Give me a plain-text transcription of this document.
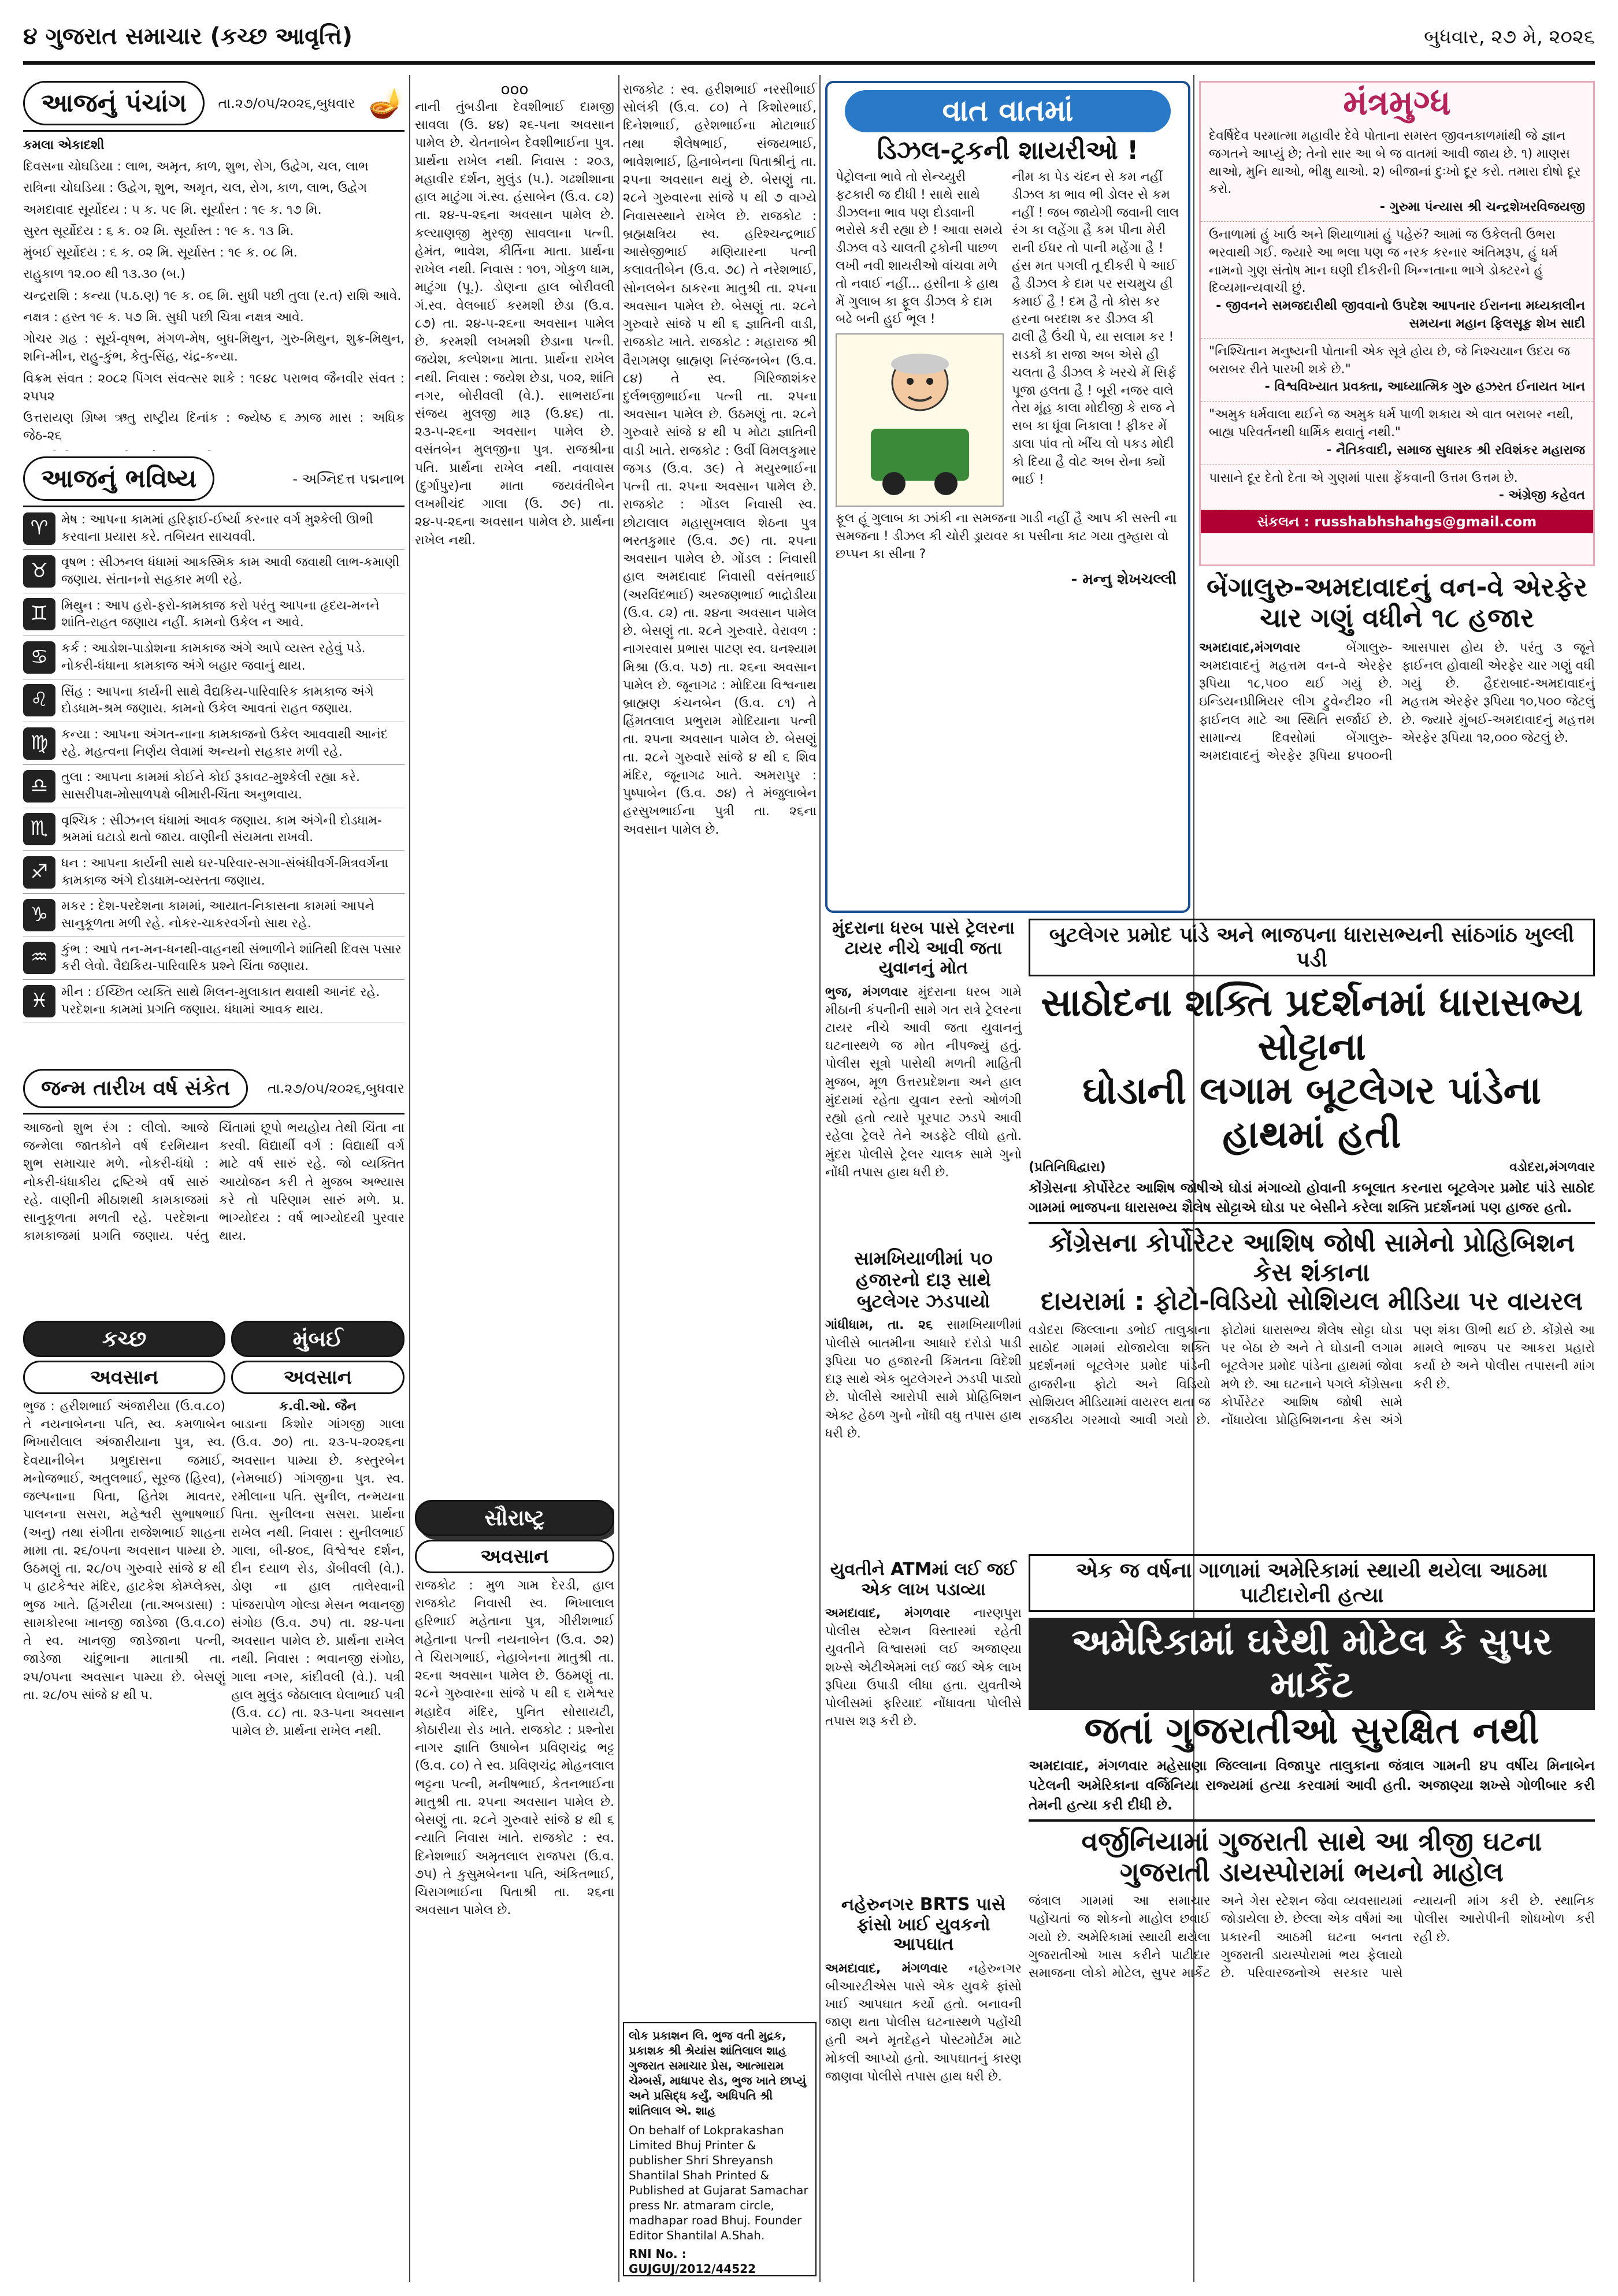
૪ ગુજરાત સમાચાર (કચ્છ આવૃત્તિ)	બુધવાર, ૨૭ મે, ૨૦૨૬
આજનું પંચાંગ	તા.૨૭/૦૫/૨૦૨૬,બુધવાર 🪔

કમલા એકાદશી

દિવસના ચોઘડિયા : લાભ, અમૃત, કાળ, શુભ, રોગ, ઉદ્વેગ, ચલ, લાભ

રાત્રિના ચોઘડિયા : ઉદ્વેગ, શુભ, અમૃત, ચલ, રોગ, કાળ, લાભ, ઉદ્વેગ

અમદાવાદ સૂર્યોદય : ૫ ક. ૫૯ મિ. સૂર્યાસ્ત : ૧૯ ક. ૧૭ મિ.

સુરત સૂર્યોદય : ૬ ક. ૦૨ મિ. સૂર્યાસ્ત : ૧૯ ક. ૧૩ મિ.

મુંબઈ સૂર્યોદય : ૬ ક. ૦૨ મિ. સૂર્યાસ્ત : ૧૯ ક. ૦૮ મિ.

રાહુકાળ ૧૨.૦૦ થી ૧૩.૩૦ (બ.)

ચન્દ્રરાશિ : કન્યા (પ.ઠ.ણ) ૧૯ ક. ૦૬ મિ. સુધી પછી તુલા (ર.ત) રાશિ આવે.

નક્ષત્ર : હસ્ત ૧૯ ક. ૫૭ મિ. સુધી પછી ચિત્રા નક્ષત્ર આવે.

ગોચર ગ્રહ : સૂર્ય-વૃષભ, મંગળ-મેષ, બુધ-મિથુન, ગુરુ-મિથુન, શુક્ર-મિથુન, શનિ-મીન, રાહુ-કુંભ, કેતુ-સિંહ, ચંદ્ર-કન્યા.

વિક્રમ સંવત : ૨૦૮૨ પિંગલ સંવત્સર શાકે : ૧૯૪૮ પરાભવ જૈનવીર સંવત : ૨૫૫૨

ઉત્તરાયણ ગ્રિષ્મ ઋતુ રાષ્ટ્રીય દિનાંક : જ્યેષ્ઠ ૬ ઝ્રાજ માસ : અધિક જેઠ-૨૬

આજનું ભવિષ્ય	- અગ્નિદત્ત પદ્મનાભ
♈	મેષ : આપના કામમાં હરિફાઈ-ઈર્ષ્યા કરનાર વર્ગ મુશ્કેલી ઊભી કરવાના પ્રયાસ કરે. તબિયત સાચવવી.
♉	વૃષભ : સીઝનલ ધંધામાં આકસ્મિક કામ આવી જવાથી લાભ-કમાણી જણાય. સંતાનનો સહકાર મળી રહે.
♊	મિથુન : આપ હરો-ફરો-કામકાજ કરો પરંતુ આપના હૃદય-મનને શાંતિ-રાહત જણાય નહીં. કામનો ઉકેલ ન આવે.
♋	કર્ક : આડોશ-પાડોશના કામકાજ અંગે આપે વ્યસ્ત રહેવું પડે. નોકરી-ધંધાના કામકાજ અંગે બહાર જવાનું થાય.
♌	સિંહ : આપના કાર્યની સાથે વૈદ્યકિય-પારિવારિક કામકાજ અંગે દોડધામ-શ્રમ જણાય. કામનો ઉકેલ આવતાં રાહત જણાય.
♍	કન્યા : આપના અંગત-નાના કામકાજનો ઉકેલ આવવાથી આનંદ રહે. મહત્વના નિર્ણય લેવામાં અન્યનો સહકાર મળી રહે.
♎	તુલા : આપના કામમાં કોઈને કોઈ રૂકાવટ-મુશ્કેલી રહ્યા કરે. સાસરીપક્ષ-મોસાળપક્ષે બીમારી-ચિંતા અનુભવાય.
♏	વૃશ્ચિક : સીઝનલ ધંધામાં આવક જણાય. કામ અંગેની દોડધામ-શ્રમમાં ઘટાડો થતો જાય. વાણીની સંયમતા રાખવી.
♐	ધન : આપના કાર્યની સાથે ઘર-પરિવાર-સગા-સંબંધીવર્ગ-મિત્રવર્ગના કામકાજ અંગે દોડધામ-વ્યસ્તતા જણાય.
♑	મકર : દેશ-પરદેશના કામમાં, આયાત-નિકાસના કામમાં આપને સાનુકૂળતા મળી રહે. નોકર-ચાકરવર્ગનો સાથ રહે.
♒	કુંભ : આપે તન-મન-ધનથી-વાહનથી સંભાળીને શાંતિથી દિવસ પસાર કરી લેવો. વૈદ્યકિય-પારિવારિક પ્રશ્ને ચિંતા જણાય.
♓	મીન : ઈચ્છિત વ્યક્તિ સાથે મિલન-મુલાકાત થવાથી આનંદ રહે. પરદેશના કામમાં પ્રગતિ જણાય. ધંધામાં આવક થાય.
જન્મ તારીખ વર્ષ સંકેત	તા.૨૭/૦૫/૨૦૨૬,બુધવાર
આજનો શુભ રંગ : લીલો. આજે જન્મેલા જાતકોને વર્ષ દરમિયાન શુભ સમાચાર મળે. નોકરી-ધંધો : નોકરી-ધંધાકીય દ્રષ્ટિએ વર્ષ સારું રહે. વાણીની મીઠાશથી કામકાજમાં સાનુકૂળતા મળતી રહે. પરદેશના કામકાજમાં પ્રગતિ જણાય. પરંતુ ચિંતામાં છૂપો ભયહોય તેથી ચિંતા ના કરવી. વિદ્યાર્થી વર્ગ : વિદ્યાર્થી વર્ગ માટે વર્ષ સારું રહે. જો વ્યક્તિત આયોજન કરી તે મુજબ અભ્યાસ કરે તો પરિણામ સારું મળે. પ્ર. ભાગ્યોદય : વર્ષ ભાગ્યોદયી પુરવાર થાય.
કચ્છ
અવસાન
ભુજ : હરીશભાઈ અંજારીયા (ઉ.વ.૮૦) તે નયનાબેનના પતિ, સ્વ. કમળાબેન ભિખારીલાલ અંજારીયાના પુત્ર, સ્વ. દેવયાનીબેન પ્રભુદાસના જમાઈ, મનોજભાઈ, અતુલભાઈ, સૂરજ (હિરવ), જલ્પનાના પિતા, હિતેશ માવતર, પાલનના સસરા, મહેશ્વરી સુભાષભાઈ (અનુ) તથા સંગીતા રાજેશભાઈ શાહના મામા તા. ૨૬/૦૫ના અવસાન પામ્યા છે. ઉઠમણું તા. ૨૮/૦૫ ગુરુવારે સાંજે ૪ થી ૫ હાટકેશ્વર મંદિર, હાટકેશ કોમ્પ્લેક્સ, ભુજ ખાતે. હિંગરીયા (તા.અબડાસા) : સામકોરબા ખાનજી જાડેજા (ઉ.વ.૮૦) તે સ્વ. ખાનજી જાડેજાના પત્ની, જાડેજા ચાંદુભાના માતાશ્રી તા. ૨૫/૦૫ના અવસાન પામ્યા છે. બેસણું તા. ૨૮/૦૫ સાંજે ૪ થી ૫.
મુંબઈ
અવસાન
ક.વી.ઓ. જૈન
બાડાના કિશોર ગાંગજી ગાલા (ઉ.વ. ૭૦) તા. ૨૩-૫-૨૦૨૬ના અવસાન પામ્યા છે. કસ્તુરબેન (નેમબાઈ) ગાંગજીના પુત્ર. સ્વ. રમીલાના પતિ. સુનીલ, તન્મયના પિતા. સુનીલના સસરા. પ્રાર્થના રાખેલ નથી. નિવાસ : સુનીલભાઈ ગાલા, બી-૪૦૬, વિશ્વેશ્વર દર્શન, દીન દયાળ રોડ, ડોંબીવલી (વે.). ડોણ ના હાલ તાલેરવાની પાંજરાપોળ ગોલ્ડા મેસન ભવાનજી સંગોઇ (ઉ.વ. ૭૫) તા. ૨૪-૫ના અવસાન પામેલ છે. પ્રાર્થના રાખેલ નથી. નિવાસ : ભવાનજી સંગોઇ, ગાલા નગર, કાંદીવલી (વે.). પત્રી હાલ મુલુંડ જેઠાલાલ ઘેલાભાઈ પત્રી (ઉ.વ. ૮૮) તા. ૨૩-૫ના અવસાન પામેલ છે. પ્રાર્થના રાખેલ નથી.
ooo
નાની તુંબડીના દેવશીભાઈ દામજી સાવલા (ઉ. ૪૪) ૨૬-૫ના અવસાન પામેલ છે. ચેતનાબેન દેવશીભાઈના પુત્ર. પ્રાર્થના રાખેલ નથી. નિવાસ : ૨૦૩, મહાવીર દર્શન, મુલુંડ (પ.). ગઢશીશાના હાલ માટુંગા ગં.સ્વ. હંસાબેન (ઉ.વ. ૮૨) તા. ૨૪-૫-૨૬ના અવસાન પામેલ છે. કલ્યાણજી મુરજી સાવલાના પત્ની. હેમંત, ભાવેશ, કીર્તિના માતા. પ્રાર્થના રાખેલ નથી. નિવાસ : ૧૦૧, ગોકુળ ધામ, માટુંગા (પૂ.). ડોણના હાલ બોરીવલી ગં.સ્વ. વેલબાઈ કરમશી છેડા (ઉ.વ. ૮૭) તા. ૨૪-૫-૨૬ના અવસાન પામેલ છે. કરમશી લખમશી છેડાના પત્ની. જયેશ, કલ્પેશના માતા. પ્રાર્થના રાખેલ નથી. નિવાસ : જયેશ છેડા, ૫૦૨, શાંતિ નગર, બોરીવલી (વે.). સાભરાઈના સંજય મુલજી મારૂ (ઉ.૪૬) તા. ૨૩-૫-૨૬ના અવસાન પામેલ છે. વસંતબેન મુલજીના પુત્ર. રાજશ્રીના પતિ. પ્રાર્થના રાખેલ નથી. નવાવાસ (દુર્ગાપુર)ના માતા જયવંતીબેન લખમીચંદ ગાલા (ઉ. ૭૯) તા. ૨૪-૫-૨૬ના અવસાન પામેલ છે. પ્રાર્થના રાખેલ નથી.
સૌરાષ્ટ્ર
અવસાન
રાજકોટ : મુળ ગામ દેરડી, હાલ રાજકોટ નિવાસી સ્વ. ભિખાલાલ હરિભાઈ મહેતાના પુત્ર, ગીરીશભાઈ મહેતાના પત્ની નયનાબેન (ઉ.વ. ૭૨) તે ચિરાગભાઈ, નેહાબેનના માતુશ્રી તા. ૨૬ના અવસાન પામેલ છે. ઉઠમણું તા. ૨૮ને ગુરુવારના સાંજે ૫ થી ૬ રામેશ્વર મહાદેવ મંદિર, પુનિત સોસાયટી, કોઠારીયા રોડ ખાતે. રાજકોટ : પ્રશ્નોરા નાગર જ્ઞાતિ ઉષાબેન પ્રવિણચંદ્ર ભટ્ટ (ઉ.વ. ૮૦) તે સ્વ. પ્રવિણચંદ્ર મોહનલાલ ભટ્ટના પત્ની, મનીષભાઈ, કેતનભાઈના માતુશ્રી તા. ૨૫ના અવસાન પામેલ છે. બેસણું તા. ૨૮ને ગુરુવારે સાંજે ૪ થી ૬ ન્યાતિ નિવાસ ખાતે. રાજકોટ : સ્વ. દિનેશભાઈ અમૃતલાલ રાજપરા (ઉ.વ. ૭૫) તે કુસુમબેનના પતિ, અંકિતભાઈ, ચિરાગભાઈના પિતાશ્રી તા. ૨૬ના અવસાન પામેલ છે.
રાજકોટ : સ્વ. હરીશભાઈ નરસીભાઈ સોલંકી (ઉ.વ. ૮૦) તે કિશોરભાઈ, દિનેશભાઈ, હરેશભાઈના મોટાભાઈ તથા શૈલેષભાઈ, સંજયભાઈ, ભાવેશભાઈ, હિનાબેનના પિતાશ્રીનું તા. ૨૫ના અવસાન થયું છે. બેસણું તા. ૨૮ને ગુરુવારના સાંજે ૫ થી ૭ વાગ્યે નિવાસસ્થાને રાખેલ છે. રાજકોટ : બ્રહ્મક્ષત્રિય સ્વ. હરિશ્ચન્દ્રભાઈ આસેજીભાઈ મણિયારના પત્ની કલાવતીબેન (ઉ.વ. ૭૮) તે નરેશભાઈ, સોનલબેન ઠાકરના માતુશ્રી તા. ૨૫ના અવસાન પામેલ છે. બેસણું તા. ૨૮ને ગુરુવારે સાંજે ૫ થી ૬ જ્ઞાતિની વાડી, રાજકોટ ખાતે. રાજકોટ : મહારાજ શ્રી વૈરાગમણ બ્રાહ્મણ નિરંજનબેન (ઉ.વ. ૮૪) તે સ્વ. ગિરિજાશંકર દુર્લભજીભાઈના પત્ની તા. ૨૫ના અવસાન પામેલ છે. ઉઠમણું તા. ૨૮ને ગુરુવારે સાંજે ૪ થી ૫ મોટા જ્ઞાતિની વાડી ખાતે. રાજકોટ : ઉર્વી વિમલકુમાર જગડ (ઉ.વ. ૩૯) તે મયુરભાઈના પત્ની તા. ૨૫ના અવસાન પામેલ છે. રાજકોટ : ગોંડલ નિવાસી સ્વ. છોટાલાલ મહાસુખલાલ શેઠના પુત્ર ભરતકુમાર (ઉ.વ. ૭૯) તા. ૨૫ના અવસાન પામેલ છે. ગોંડલ : નિવાસી હાલ અમદાવાદ નિવાસી વસંતભાઈ (અરવિંદભાઈ) અરજણભાઈ ભાદ્રોડીયા (ઉ.વ. ૮૨) તા. ૨૪ના અવસાન પામેલ છે. બેસણું તા. ૨૮ને ગુરુવારે. વેરાવળ : નાગરવાસ પ્રભાસ પાટણ સ્વ. ઘનશ્યામ મિશ્રા (ઉ.વ. ૫૭) તા. ૨૬ના અવસાન પામેલ છે. જૂનાગઢ : મોદિયા વિશ્વનાથ બ્રાહ્મણ કંચનબેન (ઉ.વ. ૮૧) તે હિંમતલાલ પ્રભુરામ મોદિયાના પત્ની તા. ૨૫ના અવસાન પામેલ છે. બેસણું તા. ૨૮ને ગુરુવારે સાંજે ૪ થી ૬ શિવ મંદિર, જૂનાગઢ ખાતે. અમરાપુર : પુષ્પાબેન (ઉ.વ. ૭૪) તે મંજુલાબેન હરસુખભાઈના પુત્રી તા. ૨૬ના અવસાન પામેલ છે.
લોક પ્રકાશન લિ. ભુજ વતી મુદ્રક, પ્રકાશક શ્રી શ્રેયાંસ શાંતિલાલ શાહ ગુજરાત સમાચાર પ્રેસ, આત્મારામ ચેમ્બર્સ, માધાપર રોડ, ભુજ ખાતે છાપ્યું અને પ્રસિદ્ધ કર્યું. અધિપતિ શ્રી શાંતિલાલ એ. શાહ
On behalf of Lokprakashan Limited Bhuj Printer & publisher Shri Shreyansh Shantilal Shah Printed & Published at Gujarat Samachar press Nr. atmaram circle, madhapar road Bhuj. Founder Editor Shantilal A.Shah.
RNI No. : GUJGUJ/2012/44522
વાત વાતમાં
ડિઝલ-ટ્રકની શાયરીઓ !
પેટ્રોલના ભાવે તો સેન્ચ્યુરી ફટકારી જ દીધી ! સાથે સાથે ડીઝલના ભાવ પણ દોડવાની ભરોસે કરી રહ્યા છે ! આવા સમયે ડીઝલ વડે ચાલતી ટ્રકોની પાછળ લખી નવી શાયરીઓ વાંચવા મળે તો નવાઈ નહીં... હસીના કે હાથ મેં ગુલાબ કા ફૂલ ડીઝલ કે દામ બઢે બની હુઈ ભૂલ !
નીમ કા પેડ ચંદન સે કમ નહીં ડીઝલ કા ભાવ ભી ડોલર સે કમ નહીં ! જબ જાયેગી જવાની લાલ રંગ કા લહેંગા હૈ કમ પીના મેરી રાની ઈધર તો પાની મહેંગા હૈ ! હંસ મત પગલી તૂ દીકરી પે આઈ હૈ ડીઝલ કે દામ પર સચમુચ હી કમાઈ હૈ ! દમ હૈ તો કોસ કર હરના બરદાશ કર ડીઝલ કી ઢાલી હૈ ઉંચી પે, યા સલામ કર ! સડકોં કા રાજા અબ એસે હી ચલતા હૈ ડીઝલ કે ખરચે મેં સિર્ફ પૂજા હલતા હૈ ! બૂરી નજર વાલે તેરા મૂંહ કાલા મોદીજી કે રાજ ને સબ કા ધૂંવા નિકાલા ! ફીકર મેં ડાલા પાંવ તો ખીંચ લો પકડ મોદી કો દિયા હૈ વોટ અબ રોના ક્યોં ભાઈ !
ફૂલ હૂં ગુલાબ કા ઝાંકી ના સમજના ગાડી નહીં હૈ આપ કી સસ્તી ના સમજના ! ડીઝલ કી ચોરી ડ્રાયવર કા પસીના કાટ ગયા તુમ્હારા વો છપ્પન કા સીના ?
- મન્નુ શેખચલ્લી
મંત્રમુગ્ધ
દેવર્ષિદેવ પરમાત્મા મહાવીર દેવે પોતાના સમસ્ત જીવનકાળમાંથી જે જ્ઞાન જગતને આપ્યું છે; તેનો સાર આ બે જ વાતમાં આવી જાય છે. ૧) માણસ થાઓ, મુનિ થાઓ, ભીક્ષુ થાઓ. ૨) બીજાનાં દુઃખો દૂર કરો. તમારા દોષો દૂર કરો.
- ગુરુમા પંન્યાસ શ્રી ચન્દ્રશેખરવિજયજી
ઉનાળામાં હું ખાઉં અને શિયાળામાં હું પહેરું? આમાં જ ઉકેલતી ઉભરા ભરવાથી ગઈ. જ્યારે આ ભલા પણ જ નરક કરનાર અંતિમરૂપ, હું ધર્મ નામનો ગુણ સંતોષ માન ઘણી દીકરીની ખિન્નતાના ભાગે ડોક્ટરને હું દિવ્યમાન્યવાચી છું.
- જીવનને સમજદારીથી જીવવાનો ઉપદેશ આપનાર ઈરાનના મધ્યકાલીન સમયના મહાન ફિલસૂફ શેખ સાદી
"નિશ્ચિતાન મનુષ્યની પોતાની એક સૂત્રે હોય છે, જે નિશ્ચયાન ઉદય જ બરાબર રીતે પારખી શકે છે."
- વિશ્વવિખ્યાત પ્રવક્તા, આધ્યાત્મિક ગુરુ હઝરત ઈનાયત ખાન
"અમુક ધર્મવાલા થઈને જ અમુક ધર્મ પાળી શકાય એ વાત બરાબર નથી, બાહ્ય પરિવર્તનથી ધાર્મિક થવાતું નથી."
- નૈતિકવાદી, સમાજ સુધારક શ્રી રવિશંકર મહારાજ
પાસાને દૂર દેતો દેતા એ ગુણમાં પાસા ફેંકવાની ઉત્તમ ઉત્તમ છે.
- અંગ્રેજી કહેવત
સંકલન : russhabhshahgs@gmail.com
બેંગાલુરુ-અમદાવાદનું વન-વે એરફેર ચાર ગણું વધીને ૧૮ હજાર
અમદાવાદ,મંગળવાર	બેંગાલુરુ-અમદાવાદનું મહત્તમ વન-વે એરફેર રૂપિયા ૧૮,૫૦૦ થઈ ગયું છે. ઇન્ડિયનપ્રીમિયર લીગ ટ્રુવેન્ટી૨૦ ની ફાઈનલ માટે આ સ્થિતિ સર્જાઈ છે. સામાન્ય દિવસોમાં બેંગાલુરુ-અમદાવાદનું એરફેર રૂપિયા ૪૫૦૦ની આસપાસ હોય છે. પરંતુ ૩ જૂને ફાઈનલ હોવાથી એરફેર ચાર ગણું વધી ગયું છે. હૈદરાબાદ-અમદાવાદનું મહત્તમ એરફેર રૂપિયા ૧૦,૫૦૦ જેટલું છે. જ્યારે મુંબઈ-અમદાવાદનું મહત્તમ એરફેર રૂપિયા ૧૨,૦૦૦ જેટલું છે.
મુંદરાના ધરબ પાસે ટ્રેલરના ટાયર નીચે આવી જતા યુવાનનું મોત
ભુજ, મંગળવાર મુંદરાના ધરબ ગામે મીઠાની કંપનીની સામે ગત રાત્રે ટ્રેલરના ટાયર નીચે આવી જતા યુવાનનું ઘટનાસ્થળે જ મોત નીપજ્યું હતું. પોલીસ સૂત્રો પાસેથી મળતી માહિતી મુજબ, મૂળ ઉત્તરપ્રદેશના અને હાલ મુંદરામાં રહેતા યુવાન રસ્તો ઓળંગી રહ્યો હતો ત્યારે પૂરપાટ ઝડપે આવી રહેલા ટ્રેલરે તેને અડફેટે લીધો હતો. મુંદરા પોલીસે ટ્રેલર ચાલક સામે ગુનો નોંધી તપાસ હાથ ધરી છે.
બુટલેગર પ્રમોદ પાંડે અને ભાજપના ધારાસભ્યની સાંઠગાંઠ ખુલ્લી પડી
સાઠોદના શક્તિ પ્રદર્શનમાં ધારાસભ્ય સોટ્ટાના
ઘોડાની લગામ બૂટલેગર પાંડેના હાથમાં હતી
(પ્રતિનિધિદ્વારા)	વડોદરા,મંગળવાર
કોંગ્રેસના કોર્પોરેટર આશિષ જોષીએ ઘોડાં મંગાવ્યો હોવાની કબૂલાત કરનારા બૂટલેગર પ્રમોદ પાંડે સાઠોદ ગામમાં ભાજપના ધારાસભ્ય શૈલેષ સોટ્ટાએ ઘોડા પર બેસીને કરેલા શક્તિ પ્રદર્શનમાં પણ હાજર હતો.
કોંગ્રેસના કોર્પોરેટર આશિષ જોષી સામેનો પ્રોહિબિશન કેસ શંકાના
દાયરામાં : ફોટો-વિડિયો સોશિયલ મીડિયા પર વાયરલ
વડોદરા જિલ્લાના ડભોઈ તાલુકાના સાઠોદ ગામમાં યોજાયેલા શક્તિ પ્રદર્શનમાં બૂટલેગર પ્રમોદ પાંડેની હાજરીના ફોટો અને વિડિયો સોશિયલ મીડિયામાં વાયરલ થતા જ રાજકીય ગરમાવો આવી ગયો છે. ફોટોમાં ધારાસભ્ય શૈલેષ સોટ્ટા ઘોડા પર બેઠા છે અને તે ઘોડાની લગામ બૂટલેગર પ્રમોદ પાંડેના હાથમાં જોવા મળે છે. આ ઘટનાને પગલે કોંગ્રેસના કોર્પોરેટર આશિષ જોષી સામે નોંધાયેલા પ્રોહિબિશનના કેસ અંગે પણ શંકા ઊભી થઈ છે. કોંગ્રેસે આ મામલે ભાજપ પર આકરા પ્રહારો કર્યા છે અને પોલીસ તપાસની માંગ કરી છે.
સામખિયાળીમાં ૫૦ હજારનો દારૂ સાથે બુટલેગર ઝડપાયો
ગાંધીધામ, તા. ૨૬ સામખિયાળીમાં પોલીસે બાતમીના આધારે દરોડો પાડી રૂપિયા ૫૦ હજારની કિંમતના વિદેશી દારૂ સાથે એક બુટલેગરને ઝડપી પાડ્યો છે. પોલીસે આરોપી સામે પ્રોહિબિશન એક્ટ હેઠળ ગુનો નોંધી વધુ તપાસ હાથ ધરી છે.
યુવતીને ATMમાં લઈ જઈ એક લાખ પડાવ્યા
અમદાવાદ, મંગળવાર નારણપુરા પોલીસ સ્ટેશન વિસ્તારમાં રહેતી યુવતીને વિશ્વાસમાં લઈ અજાણ્યા શખ્સે એટીએમમાં લઈ જઈ એક લાખ રૂપિયા ઉપાડી લીધા હતા. યુવતીએ પોલીસમાં ફરિયાદ નોંધાવતા પોલીસે તપાસ શરૂ કરી છે.
નહેરુનગર BRTS પાસે ફાંસો ખાઈ યુવકનો આપઘાત
અમદાવાદ, મંગળવાર નહેરુનગર બીઆરટીએસ પાસે એક યુવકે ફાંસો ખાઈ આપઘાત કર્યો હતો. બનાવની જાણ થતા પોલીસ ઘટનાસ્થળે પહોંચી હતી અને મૃતદેહને પોસ્ટમોર્ટમ માટે મોકલી આપ્યો હતો. આપઘાતનું કારણ જાણવા પોલીસે તપાસ હાથ ધરી છે.
એક જ વર્ષના ગાળામાં અમેરિકામાં સ્થાયી થયેલા આઠમા પાટીદારોની હત્યા
અમેરિકામાં ઘરેથી મોટેલ કે સુપર માર્કેટ
જતાં ગુજરાતીઓ સુરક્ષિત નથી
અમદાવાદ, મંગળવાર મહેસાણા જિલ્લાના વિજાપુર તાલુકાના જંત્રાલ ગામની ૪૫ વર્ષીય મિનાબેન પટેલની અમેરિકાના વર્જિનિયા રાજ્યમાં હત્યા કરવામાં આવી હતી. અજાણ્યા શખ્સે ગોળીબાર કરી તેમની હત્યા કરી દીધી છે.
વર્જીનિયામાં ગુજરાતી સાથે આ ત્રીજી ઘટના
ગુજરાતી ડાયસ્પોરામાં ભયનો માહોલ
જંત્રાલ ગામમાં આ સમાચાર પહોંચતાં જ શોકનો માહોલ છવાઈ ગયો છે. અમેરિકામાં સ્થાયી થયેલા ગુજરાતીઓ ખાસ કરીને પાટીદાર સમાજના લોકો મોટેલ, સુપર માર્કેટ અને ગેસ સ્ટેશન જેવા વ્યવસાયમાં જોડાયેલા છે. છેલ્લા એક વર્ષમાં આ પ્રકારની આઠમી ઘટના બનતા ગુજરાતી ડાયસ્પોરામાં ભય ફેલાયો છે. પરિવારજનોએ સરકાર પાસે ન્યાયની માંગ કરી છે. સ્થાનિક પોલીસ આરોપીની શોધખોળ કરી રહી છે.
